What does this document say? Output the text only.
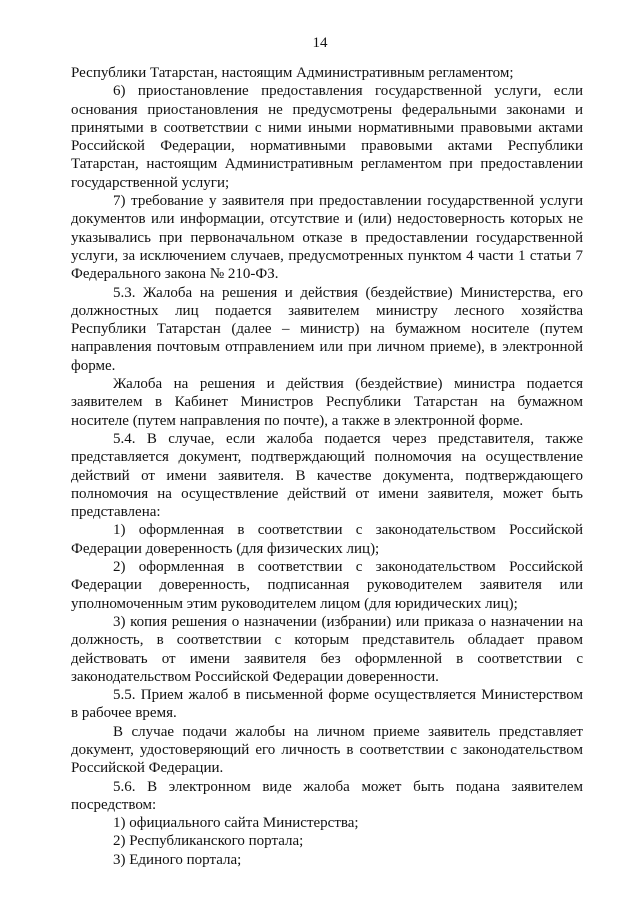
14

Республики Татарстан, настоящим Административным регламентом;

6) приостановление предоставления государственной услуги, если основания приостановления не предусмотрены федеральными законами и принятыми в соответствии с ними иными нормативными правовыми актами Российской Федерации, нормативными правовыми актами Республики Татарстан, настоящим Административным регламентом при предоставлении государственной услуги;

7) требование у заявителя при предоставлении государственной услуги документов или информации, отсутствие и (или) недостоверность которых не указывались при первоначальном отказе в предоставлении государственной услуги, за исключением случаев, предусмотренных пунктом 4 части 1 статьи 7 Федерального закона № 210-ФЗ.

5.3. Жалоба на решения и действия (бездействие) Министерства, его должностных лиц подается заявителем министру лесного хозяйства Республики Татарстан (далее – министр) на бумажном носителе (путем направления почтовым отправлением или при личном приеме), в электронной форме.

Жалоба на решения и действия (бездействие) министра подается заявителем в Кабинет Министров Республики Татарстан на бумажном носителе (путем направления по почте), а также в электронной форме.

5.4. В случае, если жалоба подается через представителя, также представляется документ, подтверждающий полномочия на осуществление действий от имени заявителя. В качестве документа, подтверждающего полномочия на осуществление действий от имени заявителя, может быть представлена:

1) оформленная в соответствии с законодательством Российской Федерации доверенность (для физических лиц);

2) оформленная в соответствии с законодательством Российской Федерации доверенность, подписанная руководителем заявителя или уполномоченным этим руководителем лицом (для юридических лиц);

3) копия решения о назначении (избрании) или приказа о назначении на должность, в соответствии с которым представитель обладает правом действовать от имени заявителя без оформленной в соответствии с законодательством Российской Федерации доверенности.

5.5. Прием жалоб в письменной форме осуществляется Министерством в рабочее время.

В случае подачи жалобы на личном приеме заявитель представляет документ, удостоверяющий его личность в соответствии с законодательством Российской Федерации.

5.6. В электронном виде жалоба может быть подана заявителем посредством:

1) официального сайта Министерства;

2) Республиканского портала;

3) Единого портала;
